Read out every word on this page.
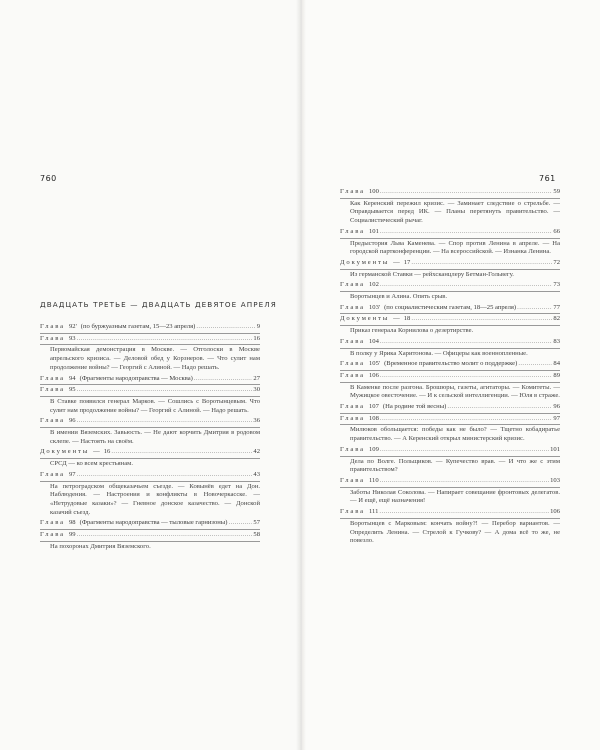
760	761
ДВАДЦАТЬ ТРЕТЬЕ — ДВАДЦАТЬ ДЕВЯТОЕ АПРЕЛЯ
Глава 92' (по буржуазным газетам, 15—23 апреля) .....	9
Глава 93 .....	16
Первомайская демонстрация в Москве. — Отголоски в Москве апрельского кризиса. — Деловой обед у Корзнеров. — Что сулит нам продолжение войны? — Георгий с Алиной. — Надо решать.
Глава 94 (Фрагменты народоправства — Москва) .....	27
Глава 95 .....	30
В Ставке появился генерал Марков. — Сошлись с Воротынцевым. Что сулит нам продолжение войны? — Георгий с Алиной. — Надо решать.
Глава 96 .....	36
В имении Вяземских. Завьюсть. — Не дают корчить Дмитрия в родовом склепе. — Настоять на своём.
Документы — 16 .....	42
СРСД — ко всем крестьянам.
Глава 97 .....	43
На петроградском общеказачьем съезде. — Ковынёв едет на Дон. Наблюдения. — Настроения и конфликты в Новочеркасске. — «Нетрудовые казаки»? — Гневное донское казачество. — Донской казачий съезд.
Глава 98 (Фрагменты народоправства — тыловые гарнизоны) .....	57
Глава 99 .....	58
На похоронах Дмитрия Вяземского.
Глава 100 .....	59
Как Керенский пережил кризис. — Заминает следствие о стрельбе. — Оправдывается перед ИК. — Планы перетянуть правительство. — Социалистический рычаг.
Глава 101 .....	66
Предыстория Льва Каменева. — Спор против Ленина в апреле. — На городской партконференции. — На всероссийской. — Изнанка Ленина.
Документы — 17 .....	72
Из германской Ставки — рейхсканцлеру Бетман-Гольвегу.
Глава 102 .....	73
Воротынцев и Алина. Опять срыв.
Глава 103' (по социалистическим газетам, 18—25 апреля) .....	77
Документы — 18 .....	82
Приказ генерала Корнилова о дезертирстве.
Глава 104 .....	83
В полку у Ярика Харитонова. — Офицеры как военнопленные.
Глава 105' (Временное правительство молит о поддержке) .....	84
Глава 106 .....	89
В Каменке после разгона. Брошюры, газеты, агитаторы. — Комитеты. — Мужицкое овесточение. — И к сельской интеллигенции. — Юля в страже.
Глава 107 (На родине той весны) .....	96
Глава 108 .....	97
Милюков обольщается: победы как не было? — Тщетно кобадиратье правительство. — А Керенский открыл министерский кризис.
Глава 109 .....	101
Дела по Волге. Польщиков. — Купечество врав. — И что же с этим правительством?
Глава 110 .....	103
Заботы Николая Соколова. — Напирает совещание фронтовых делегатов. — И ещё, ещё назначения!
Глава 111 .....	106
Воротынцев с Марковым: кончать войну?! — Перебор вариантов. — Определить Ленина. — Стрелой к Гучкову? — А дома всё то же, не повезло.
